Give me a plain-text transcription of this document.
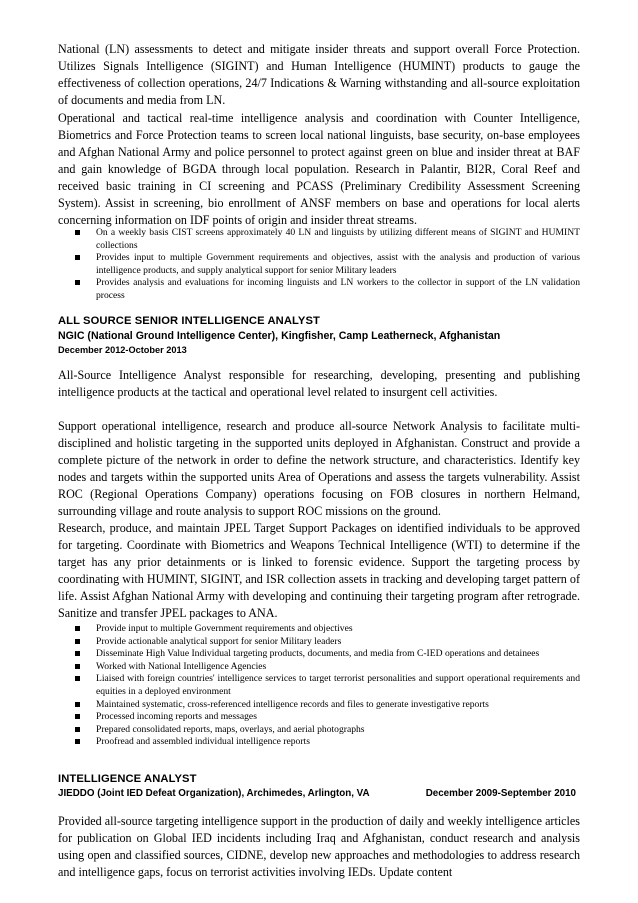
National (LN) assessments to detect and mitigate insider threats and support overall Force Protection. Utilizes Signals Intelligence (SIGINT) and Human Intelligence (HUMINT) products to gauge the effectiveness of collection operations, 24/7 Indications & Warning withstanding and all-source exploitation of documents and media from LN.

Operational and tactical real-time intelligence analysis and coordination with Counter Intelligence, Biometrics and Force Protection teams to screen local national linguists, base security, on-base employees and Afghan National Army and police personnel to protect against green on blue and insider threat at BAF and gain knowledge of BGDA through local population. Research in Palantir, BI2R, Coral Reef and received basic training in CI screening and PCASS (Preliminary Credibility Assessment Screening System). Assist in screening, bio enrollment of ANSF members on base and operations for local alerts concerning information on IDF points of origin and insider threat streams.

On a weekly basis CIST screens approximately 40 LN and linguists by utilizing different means of SIGINT and HUMINT collections
Provides input to multiple Government requirements and objectives, assist with the analysis and production of various intelligence products, and supply analytical support for senior Military leaders
Provides analysis and evaluations for incoming linguists and LN workers to the collector in support of the LN validation process
ALL SOURCE SENIOR INTELLIGENCE ANALYST
NGIC (National Ground Intelligence Center), Kingfisher, Camp Leatherneck, Afghanistan
December 2012-October 2013

All-Source Intelligence Analyst responsible for researching, developing, presenting and publishing intelligence products at the tactical and operational level related to insurgent cell activities.

Support operational intelligence, research and produce all-source Network Analysis to facilitate multi-disciplined and holistic targeting in the supported units deployed in Afghanistan. Construct and provide a complete picture of the network in order to define the network structure, and characteristics. Identify key nodes and targets within the supported units Area of Operations and assess the targets vulnerability. Assist ROC (Regional Operations Company) operations focusing on FOB closures in northern Helmand, surrounding village and route analysis to support ROC missions on the ground.

Research, produce, and maintain JPEL Target Support Packages on identified individuals to be approved for targeting. Coordinate with Biometrics and Weapons Technical Intelligence (WTI) to determine if the target has any prior detainments or is linked to forensic evidence. Support the targeting process by coordinating with HUMINT, SIGINT, and ISR collection assets in tracking and developing target pattern of life. Assist Afghan National Army with developing and continuing their targeting program after retrograde. Sanitize and transfer JPEL packages to ANA.

Provide input to multiple Government requirements and objectives
Provide actionable analytical support for senior Military leaders
Disseminate High Value Individual targeting products, documents, and media from C-IED operations and detainees
Worked with National Intelligence Agencies
Liaised with foreign countries' intelligence services to target terrorist personalities and support operational requirements and equities in a deployed environment
Maintained systematic, cross-referenced intelligence records and files to generate investigative reports
Processed incoming reports and messages
Prepared consolidated reports, maps, overlays, and aerial photographs
Proofread and assembled individual intelligence reports
INTELLIGENCE ANALYST
JIEDDO (Joint IED Defeat Organization), Archimedes, Arlington, VA	December 2009-September 2010

Provided all-source targeting intelligence support in the production of daily and weekly intelligence articles for publication on Global IED incidents including Iraq and Afghanistan, conduct research and analysis using open and classified sources, CIDNE, develop new approaches and methodologies to address research and intelligence gaps, focus on terrorist activities involving IEDs. Update content
